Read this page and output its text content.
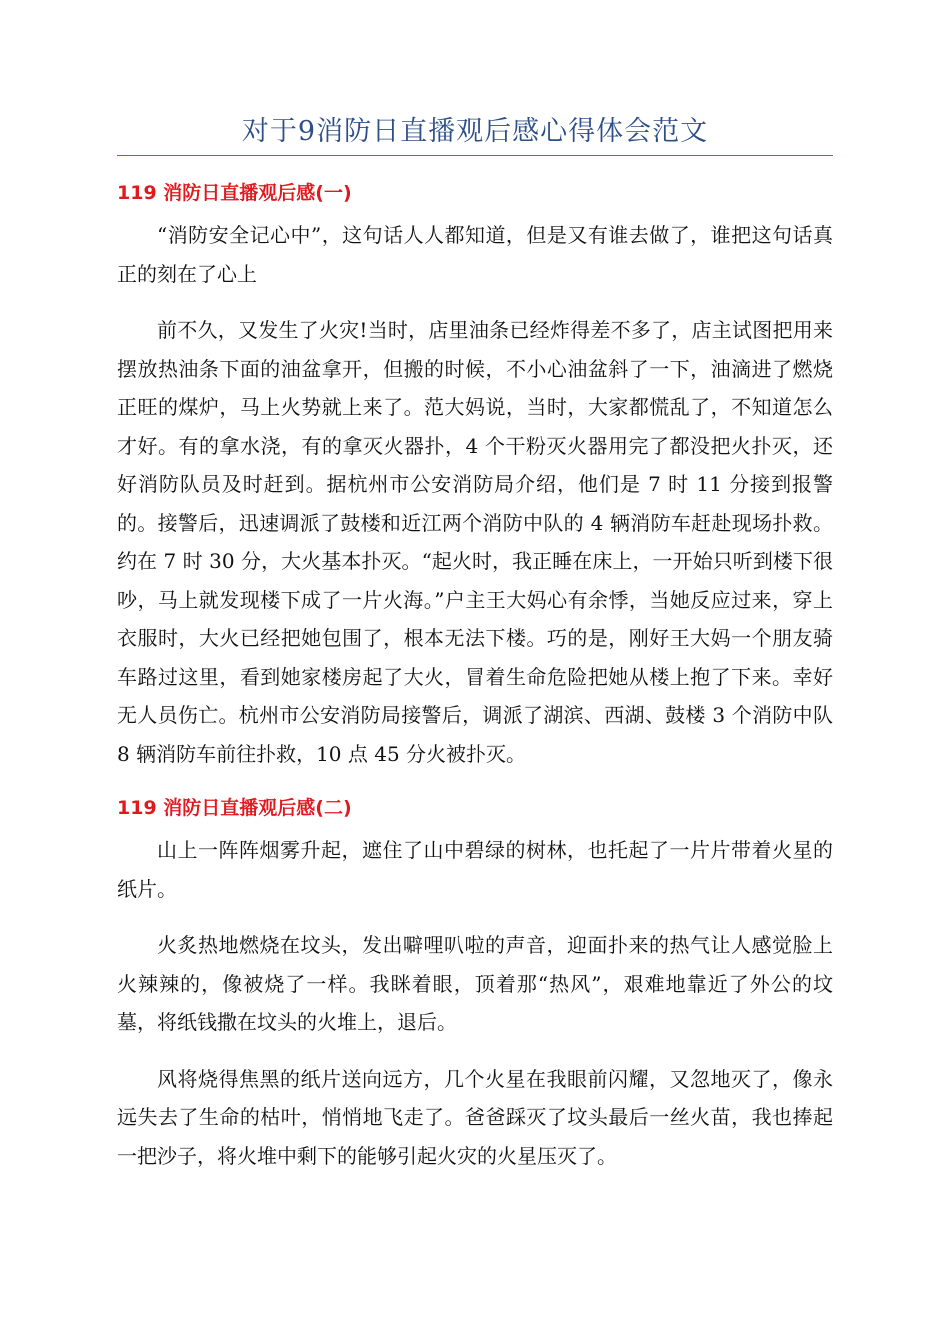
对于9消防日直播观后感心得体会范文
119 消防日直播观后感(一)

“消防安全记心中”，这句话人人都知道，但是又有谁去做了，谁把这句话真正的刻在了心上

前不久，又发生了火灾!当时，店里油条已经炸得差不多了，店主试图把用来摆放热油条下面的油盆拿开，但搬的时候，不小心油盆斜了一下，油滴进了燃烧正旺的煤炉，马上火势就上来了。范大妈说，当时，大家都慌乱了，不知道怎么才好。有的拿水浇，有的拿灭火器扑，4 个干粉灭火器用完了都没把火扑灭，还好消防队员及时赶到。据杭州市公安消防局介绍，他们是 7 时 11 分接到报警的。接警后，迅速调派了鼓楼和近江两个消防中队的 4 辆消防车赶赴现场扑救。约在 7 时 30 分，大火基本扑灭。“起火时，我正睡在床上，一开始只听到楼下很吵，马上就发现楼下成了一片火海。”户主王大妈心有余悸，当她反应过来，穿上衣服时，大火已经把她包围了，根本无法下楼。巧的是，刚好王大妈一个朋友骑车路过这里，看到她家楼房起了大火，冒着生命危险把她从楼上抱了下来。幸好无人员伤亡。杭州市公安消防局接警后，调派了湖滨、西湖、鼓楼 3 个消防中队 8 辆消防车前往扑救，10 点 45 分火被扑灭。

119 消防日直播观后感(二)

山上一阵阵烟雾升起，遮住了山中碧绿的树林，也托起了一片片带着火星的纸片。

火炙热地燃烧在坟头，发出噼哩叭啦的声音，迎面扑来的热气让人感觉脸上火辣辣的，像被烧了一样。我眯着眼，顶着那“热风”，艰难地靠近了外公的坟墓，将纸钱撒在坟头的火堆上，退后。

风将烧得焦黑的纸片送向远方，几个火星在我眼前闪耀，又忽地灭了，像永远失去了生命的枯叶，悄悄地飞走了。爸爸踩灭了坟头最后一丝火苗，我也捧起一把沙子，将火堆中剩下的能够引起火灾的火星压灭了。
